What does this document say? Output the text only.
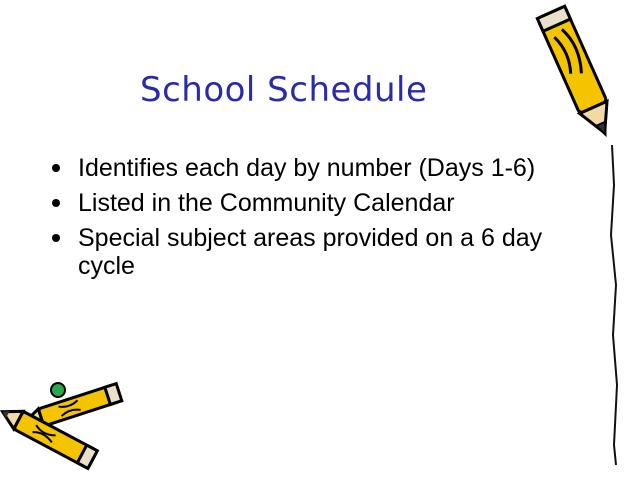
School Schedule
Identifies each day by number (Days 1-6)
Listed in the Community Calendar
Special subject areas provided on a 6 day cycle
